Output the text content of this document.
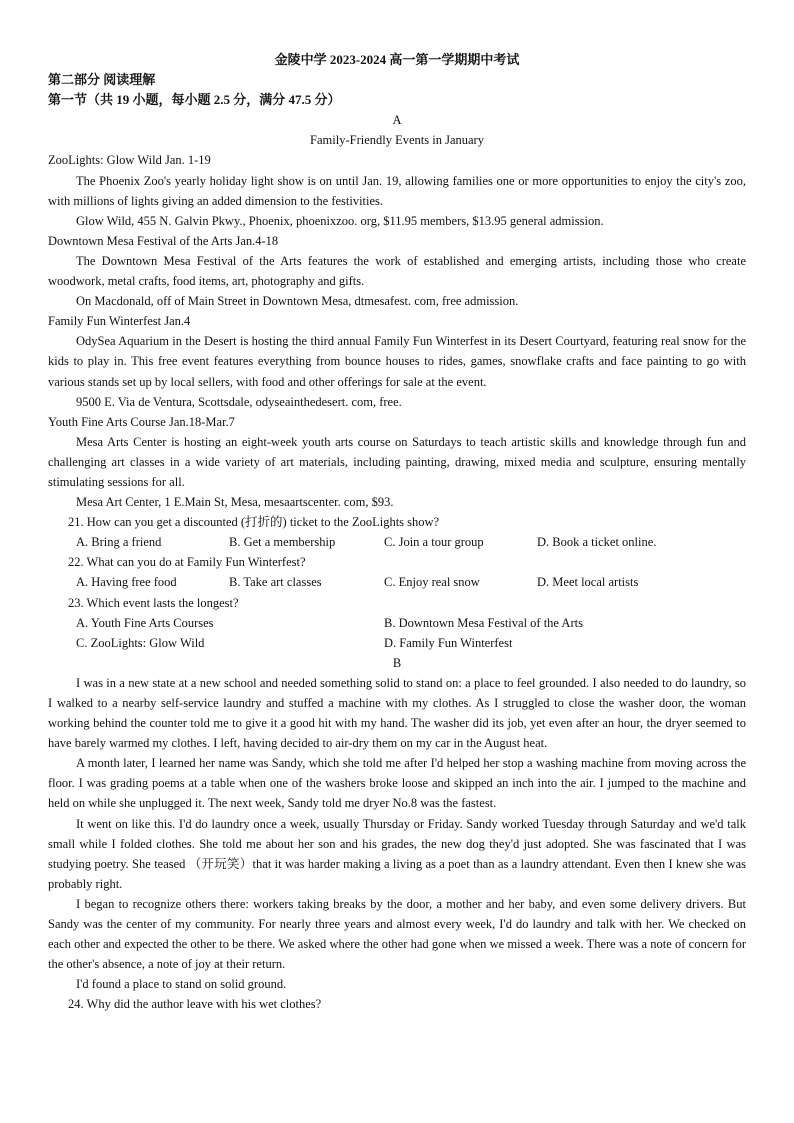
金陵中学 2023-2024 高一第一学期期中考试
第二部分 阅读理解
第一节（共 19 小题，每小题 2.5 分，满分 47.5 分）
A
Family-Friendly Events in January
ZooLights: Glow Wild Jan. 1-19
The Phoenix Zoo's yearly holiday light show is on until Jan. 19, allowing families one or more opportunities to enjoy the city's zoo, with millions of lights giving an added dimension to the festivities.
Glow Wild, 455 N. Galvin Pkwy., Phoenix, phoenixzoo. org, $11.95 members, $13.95 general admission.
Downtown Mesa Festival of the Arts Jan.4-18
The Downtown Mesa Festival of the Arts features the work of established and emerging artists, including those who create woodwork, metal crafts, food items, art, photography and gifts.
On Macdonald, off of Main Street in Downtown Mesa, dtmesafest. com, free admission.
Family Fun Winterfest Jan.4
OdySea Aquarium in the Desert is hosting the third annual Family Fun Winterfest in its Desert Courtyard, featuring real snow for the kids to play in. This free event features everything from bounce houses to rides, games, snowflake crafts and face painting to go with various stands set up by local sellers, with food and other offerings for sale at the event.
9500 E. Via de Ventura, Scottsdale, odyseainthedesert. com, free.
Youth Fine Arts Course Jan.18-Mar.7
Mesa Arts Center is hosting an eight-week youth arts course on Saturdays to teach artistic skills and knowledge through fun and challenging art classes in a wide variety of art materials, including painting, drawing, mixed media and sculpture, ensuring mentally stimulating sessions for all.
Mesa Art Center, 1 E.Main St, Mesa, mesaartscenter. com, $93.
21. How can you get a discounted (打折的) ticket to the ZooLights show?
A. Bring a friend	B. Get a membership	C. Join a tour group	D. Book a ticket online.
22. What can you do at Family Fun Winterfest?
A. Having free food	B. Take art classes	C. Enjoy real snow	D. Meet local artists
23. Which event lasts the longest?
A. Youth Fine Arts Courses	B. Downtown Mesa Festival of the Arts
C. ZooLights: Glow Wild	D. Family Fun Winterfest
B
I was in a new state at a new school and needed something solid to stand on: a place to feel grounded. I also needed to do laundry, so I walked to a nearby self-service laundry and stuffed a machine with my clothes. As I struggled to close the washer door, the woman working behind the counter told me to give it a good hit with my hand. The washer did its job, yet even after an hour, the dryer seemed to have barely warmed my clothes. I left, having decided to air-dry them on my car in the August heat.
A month later, I learned her name was Sandy, which she told me after I'd helped her stop a washing machine from moving across the floor. I was grading poems at a table when one of the washers broke loose and skipped an inch into the air. I jumped to the machine and held on while she unplugged it. The next week, Sandy told me dryer No.8 was the fastest.
It went on like this. I'd do laundry once a week, usually Thursday or Friday. Sandy worked Tuesday through Saturday and we'd talk small while I folded clothes. She told me about her son and his grades, the new dog they'd just adopted. She was fascinated that I was studying poetry. She teased （开玩笑）that it was harder making a living as a poet than as a laundry attendant. Even then I knew she was probably right.
I began to recognize others there: workers taking breaks by the door, a mother and her baby, and even some delivery drivers. But Sandy was the center of my community. For nearly three years and almost every week, I'd do laundry and talk with her. We checked on each other and expected the other to be there. We asked where the other had gone when we missed a week. There was a note of concern for the other's absence, a note of joy at their return.
I'd found a place to stand on solid ground.
24. Why did the author leave with his wet clothes?
